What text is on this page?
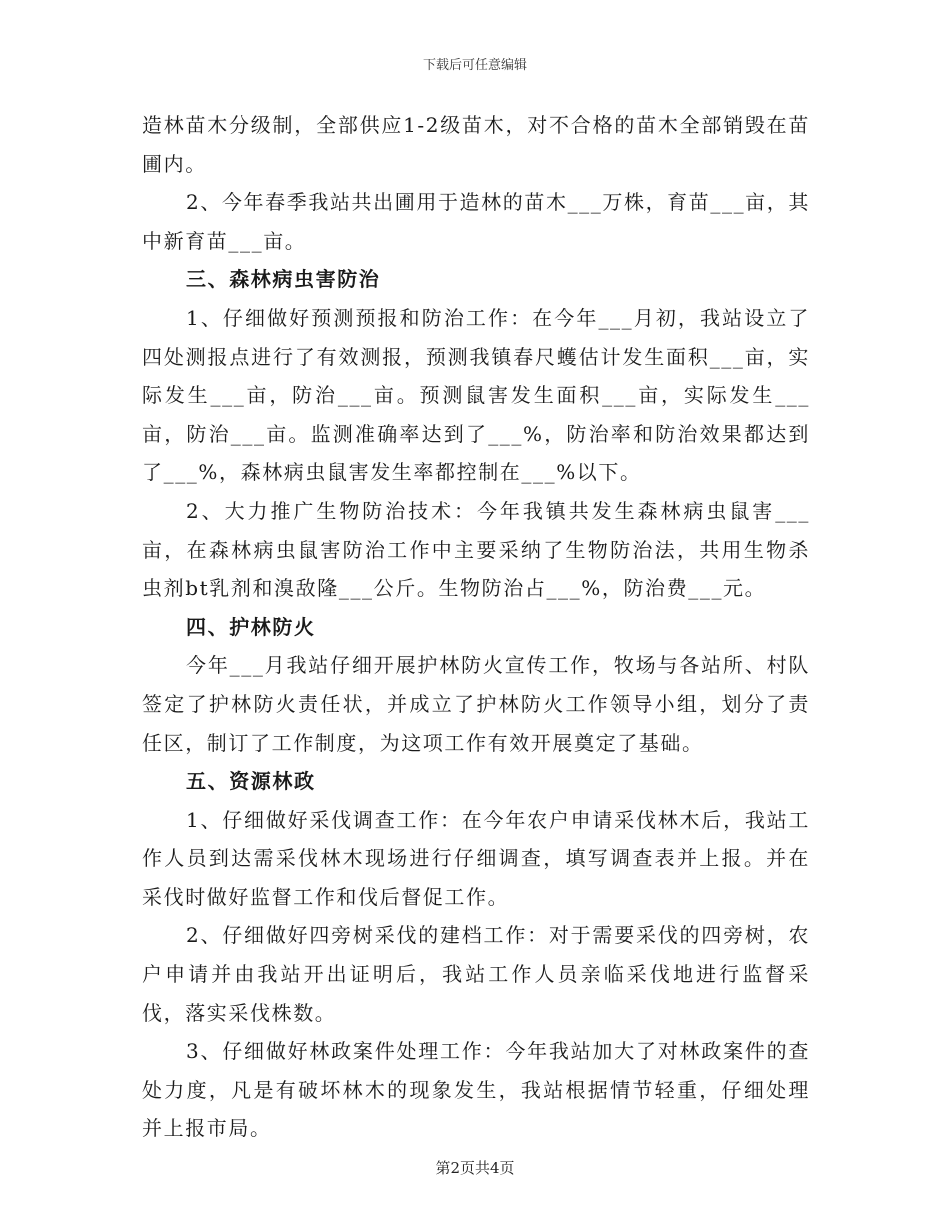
下载后可任意编辑

造林苗木分级制，全部供应1-2级苗木，对不合格的苗木全部销毁在苗圃内。

2、今年春季我站共出圃用于造林的苗木___万株，育苗___亩，其中新育苗___亩。

三、森林病虫害防治

1、仔细做好预测预报和防治工作：在今年___月初，我站设立了四处测报点进行了有效测报，预测我镇春尺蠖估计发生面积___亩，实际发生___亩，防治___亩。预测鼠害发生面积___亩，实际发生___亩，防治___亩。监测准确率达到了___%，防治率和防治效果都达到了___%，森林病虫鼠害发生率都控制在___%以下。

2、大力推广生物防治技术：今年我镇共发生森林病虫鼠害___亩，在森林病虫鼠害防治工作中主要采纳了生物防治法，共用生物杀虫剂bt乳剂和溴敌隆___公斤。生物防治占___%，防治费___元。

四、护林防火

今年___月我站仔细开展护林防火宣传工作，牧场与各站所、村队签定了护林防火责任状，并成立了护林防火工作领导小组，划分了责任区，制订了工作制度，为这项工作有效开展奠定了基础。

五、资源林政

1、仔细做好采伐调查工作：在今年农户申请采伐林木后，我站工作人员到达需采伐林木现场进行仔细调查，填写调查表并上报。并在采伐时做好监督工作和伐后督促工作。

2、仔细做好四旁树采伐的建档工作：对于需要采伐的四旁树，农户申请并由我站开出证明后，我站工作人员亲临采伐地进行监督采伐，落实采伐株数。

3、仔细做好林政案件处理工作：今年我站加大了对林政案件的查处力度，凡是有破坏林木的现象发生，我站根据情节轻重，仔细处理并上报市局。

第2页共4页
